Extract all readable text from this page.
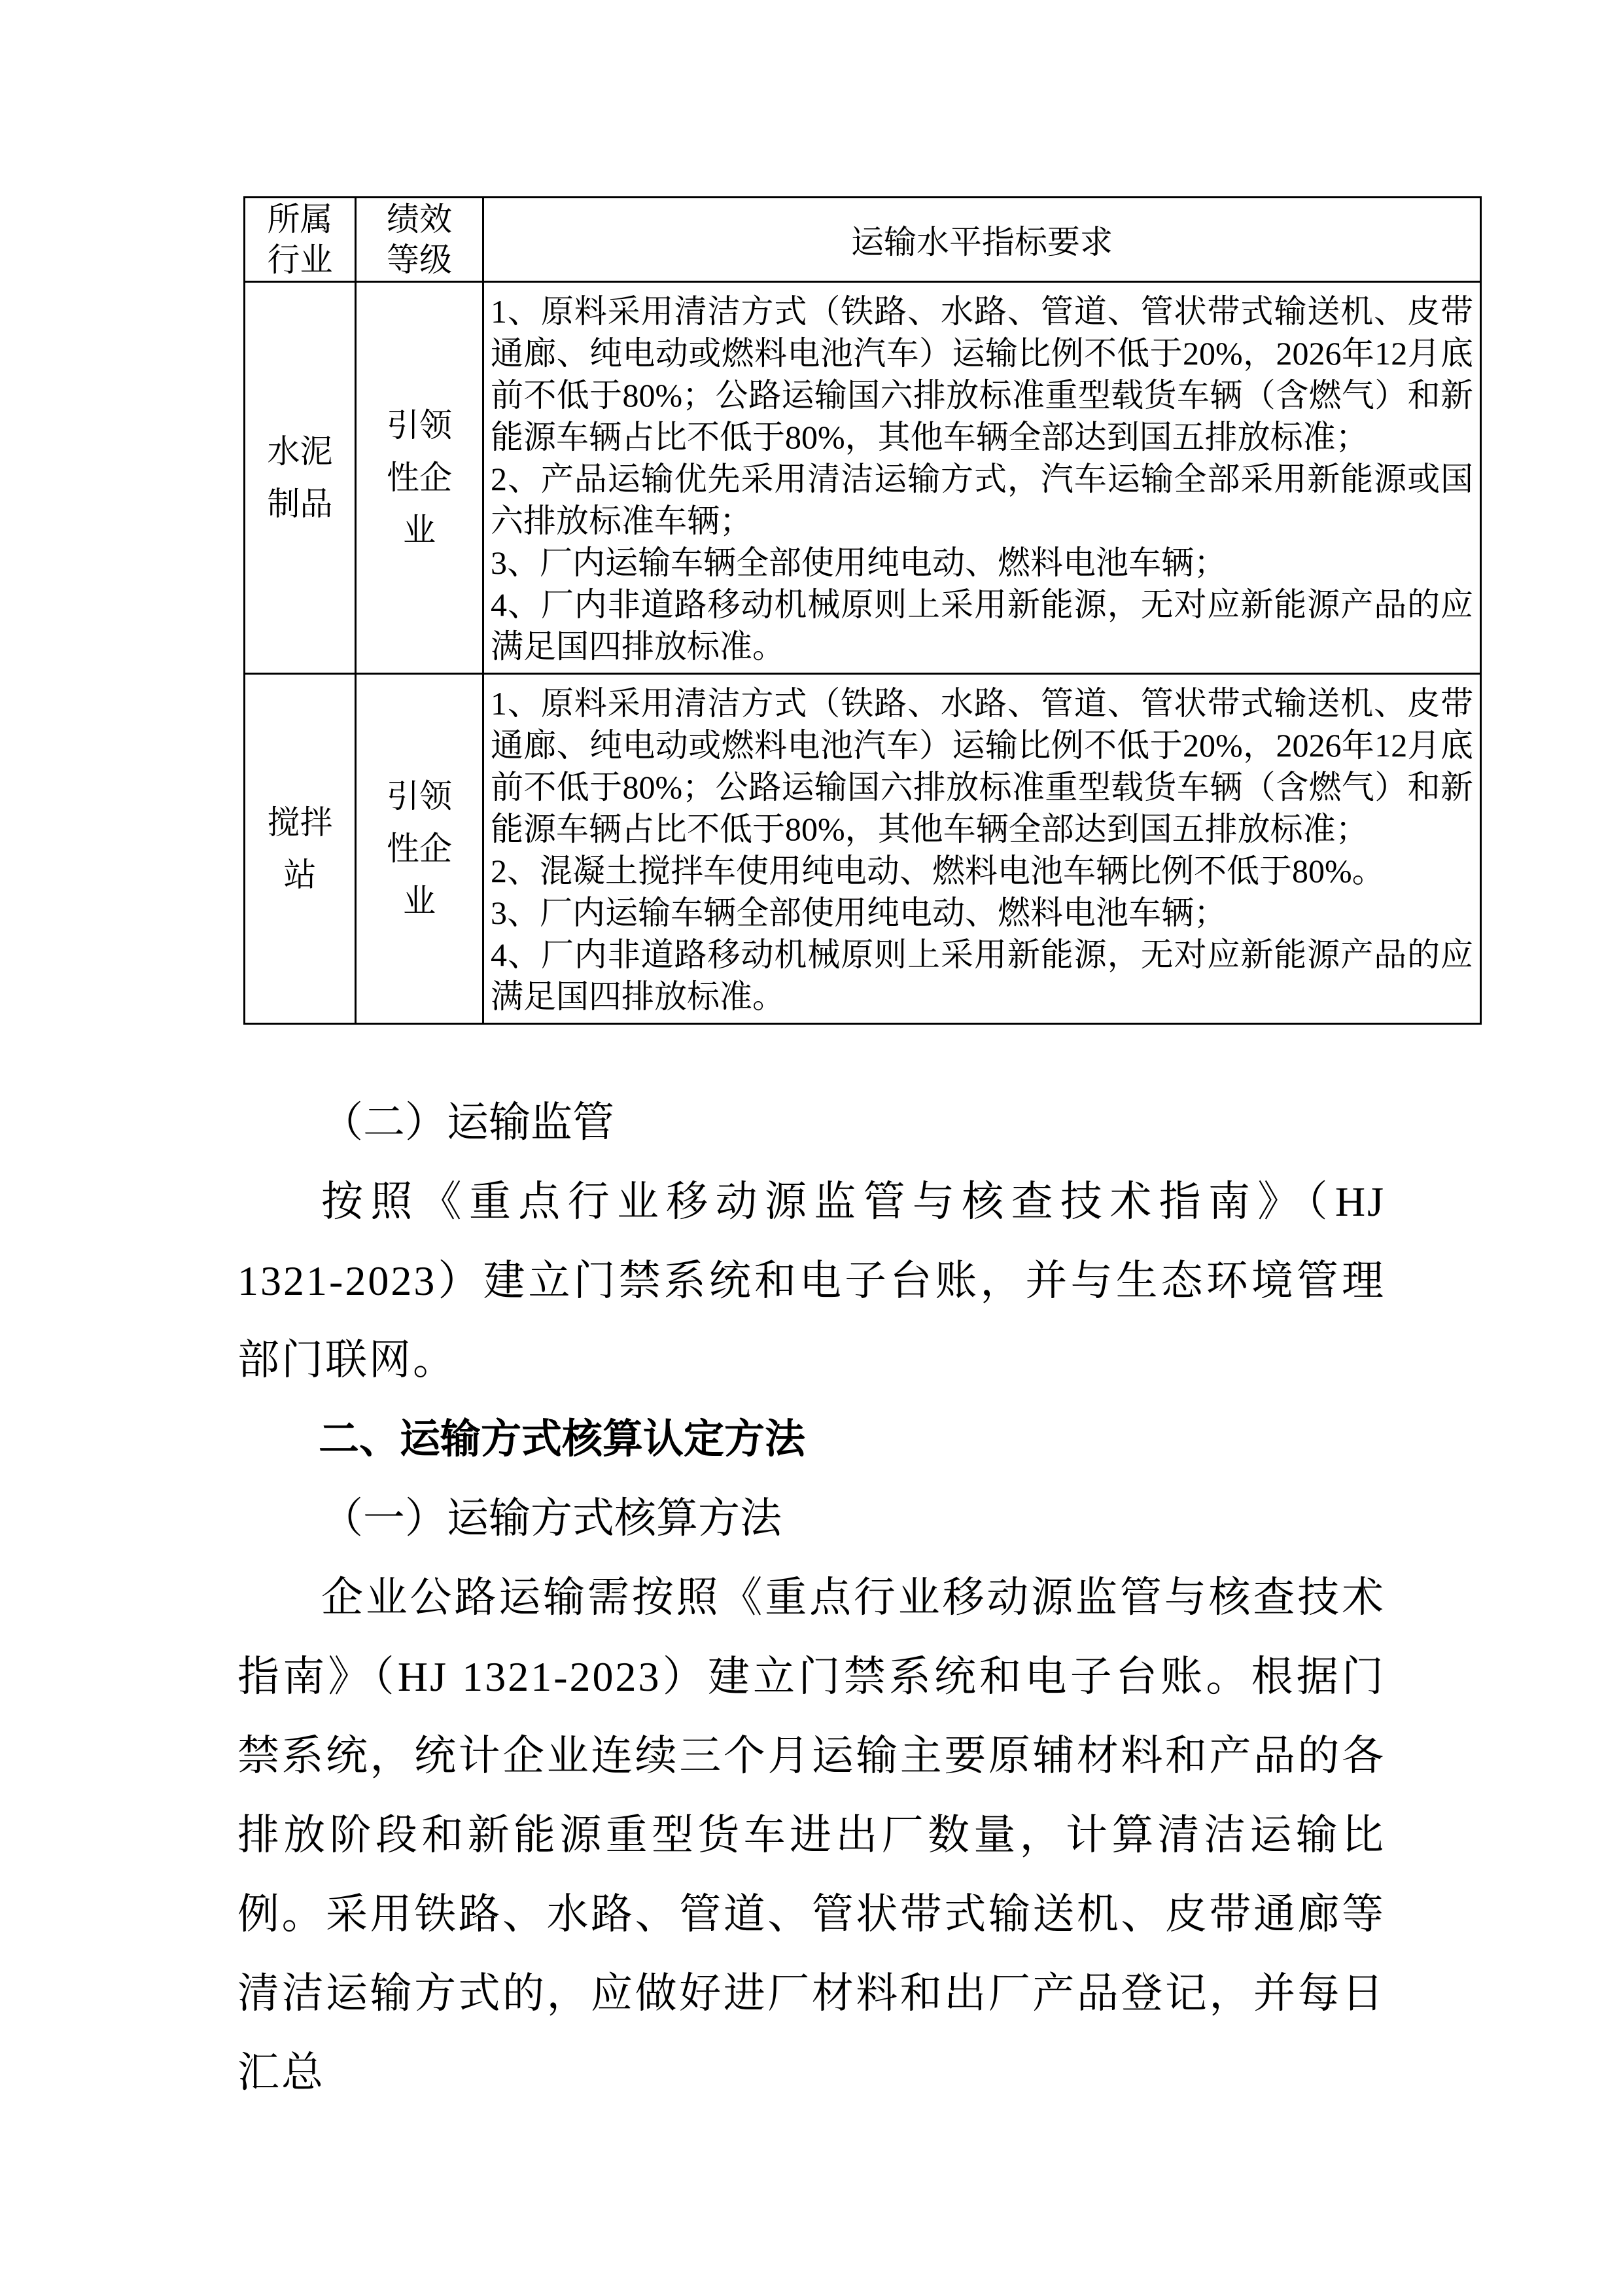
所属行业	绩效等级	运输水平指标要求
水泥制品	引领性企业	1、原料采用清洁方式（铁路、水路、管道、管状带式输送机、皮带通廊、纯电动或燃料电池汽车）运输比例不低于20%，2026年12月底前不低于80%；公路运输国六排放标准重型载货车辆（含燃气）和新能源车辆占比不低于80%，其他车辆全部达到国五排放标准；

2、产品运输优先采用清洁运输方式，汽车运输全部采用新能源或国六排放标准车辆；

3、厂内运输车辆全部使用纯电动、燃料电池车辆；

4、厂内非道路移动机械原则上采用新能源，无对应新能源产品的应满足国四排放标准。

搅拌站	引领性企业	1、原料采用清洁方式（铁路、水路、管道、管状带式输送机、皮带通廊、纯电动或燃料电池汽车）运输比例不低于20%，2026年12月底前不低于80%；公路运输国六排放标准重型载货车辆（含燃气）和新能源车辆占比不低于80%，其他车辆全部达到国五排放标准；

2、混凝土搅拌车使用纯电动、燃料电池车辆比例不低于80%。

3、厂内运输车辆全部使用纯电动、燃料电池车辆；

4、厂内非道路移动机械原则上采用新能源，无对应新能源产品的应满足国四排放标准。

（二）运输监管

按照《重点行业移动源监管与核查技术指南》（HJ 1321-2023）建立门禁系统和电子台账，并与生态环境管理部门联网。

二、运输方式核算认定方法

（一）运输方式核算方法

企业公路运输需按照《重点行业移动源监管与核查技术指南》（HJ 1321-2023）建立门禁系统和电子台账。根据门禁系统，统计企业连续三个月运输主要原辅材料和产品的各排放阶段和新能源重型货车进出厂数量，计算清洁运输比例。采用铁路、水路、管道、管状带式输送机、皮带通廊等清洁运输方式的，应做好进厂材料和出厂产品登记，并每日汇总
